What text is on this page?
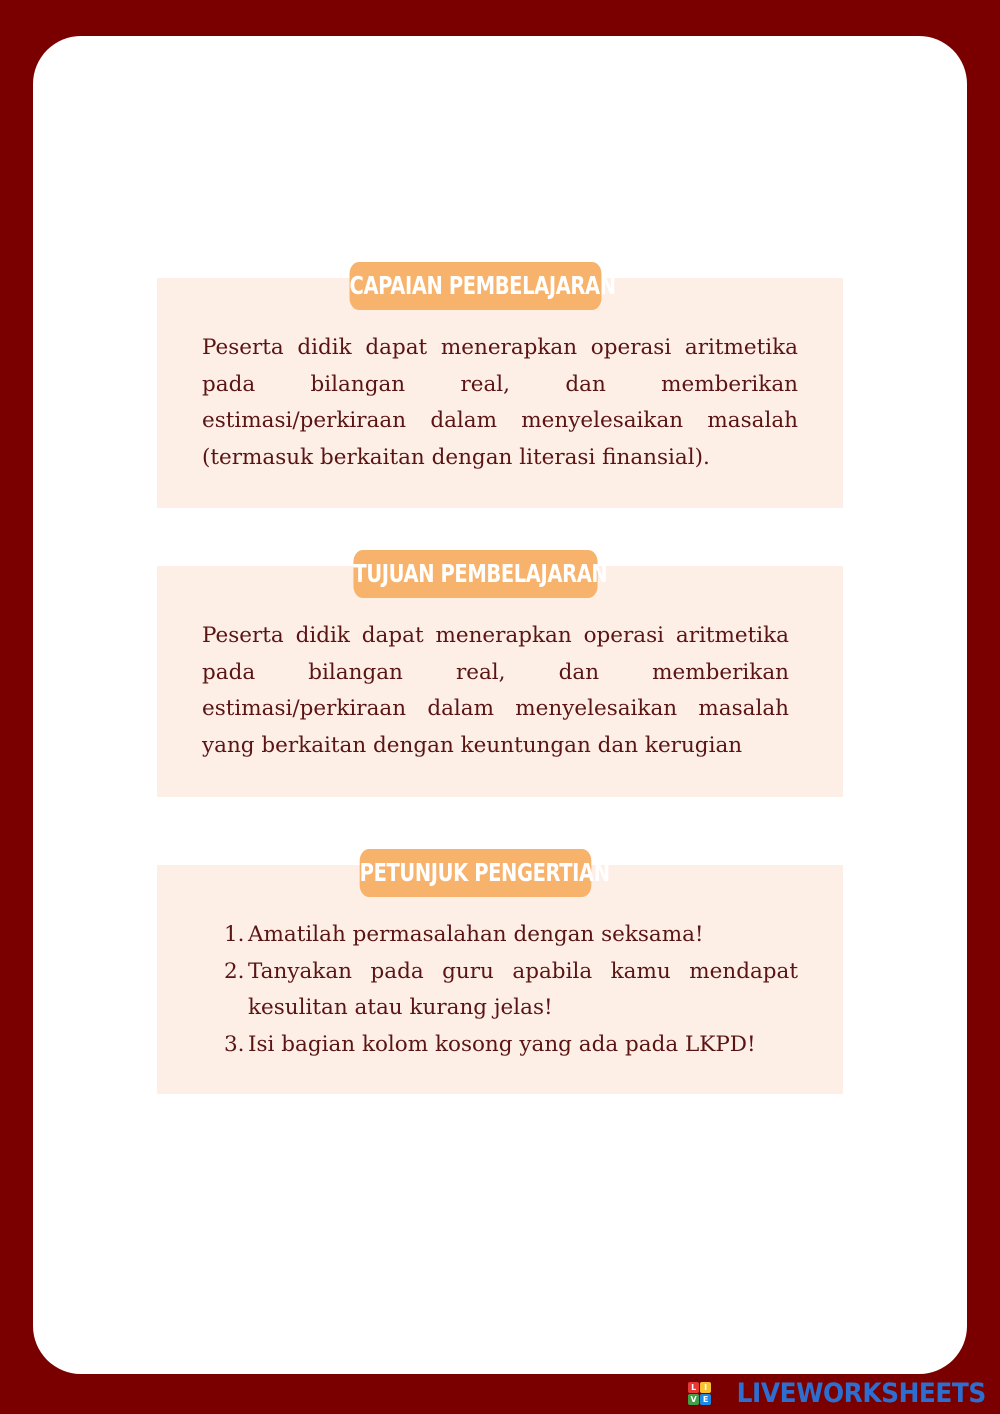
CAPAIAN PEMBELAJARAN
Peserta didik dapat menerapkan operasi aritmetika pada bilangan real, dan memberikan estimasi/perkiraan dalam menyelesaikan masalah (termasuk berkaitan dengan literasi finansial).
TUJUAN PEMBELAJARAN
Peserta didik dapat menerapkan operasi aritmetika pada bilangan real, dan memberikan estimasi/perkiraan dalam menyelesaikan masalah yang berkaitan dengan keuntungan dan kerugian
PETUNJUK PENGERTIAN
1. Amatilah permasalahan dengan seksama!
2. Tanyakan pada guru apabila kamu mendapat kesulitan atau kurang jelas!
3. Isi bagian kolom kosong yang ada pada LKPD!
L I
V E LIVEWORKSHEETS
